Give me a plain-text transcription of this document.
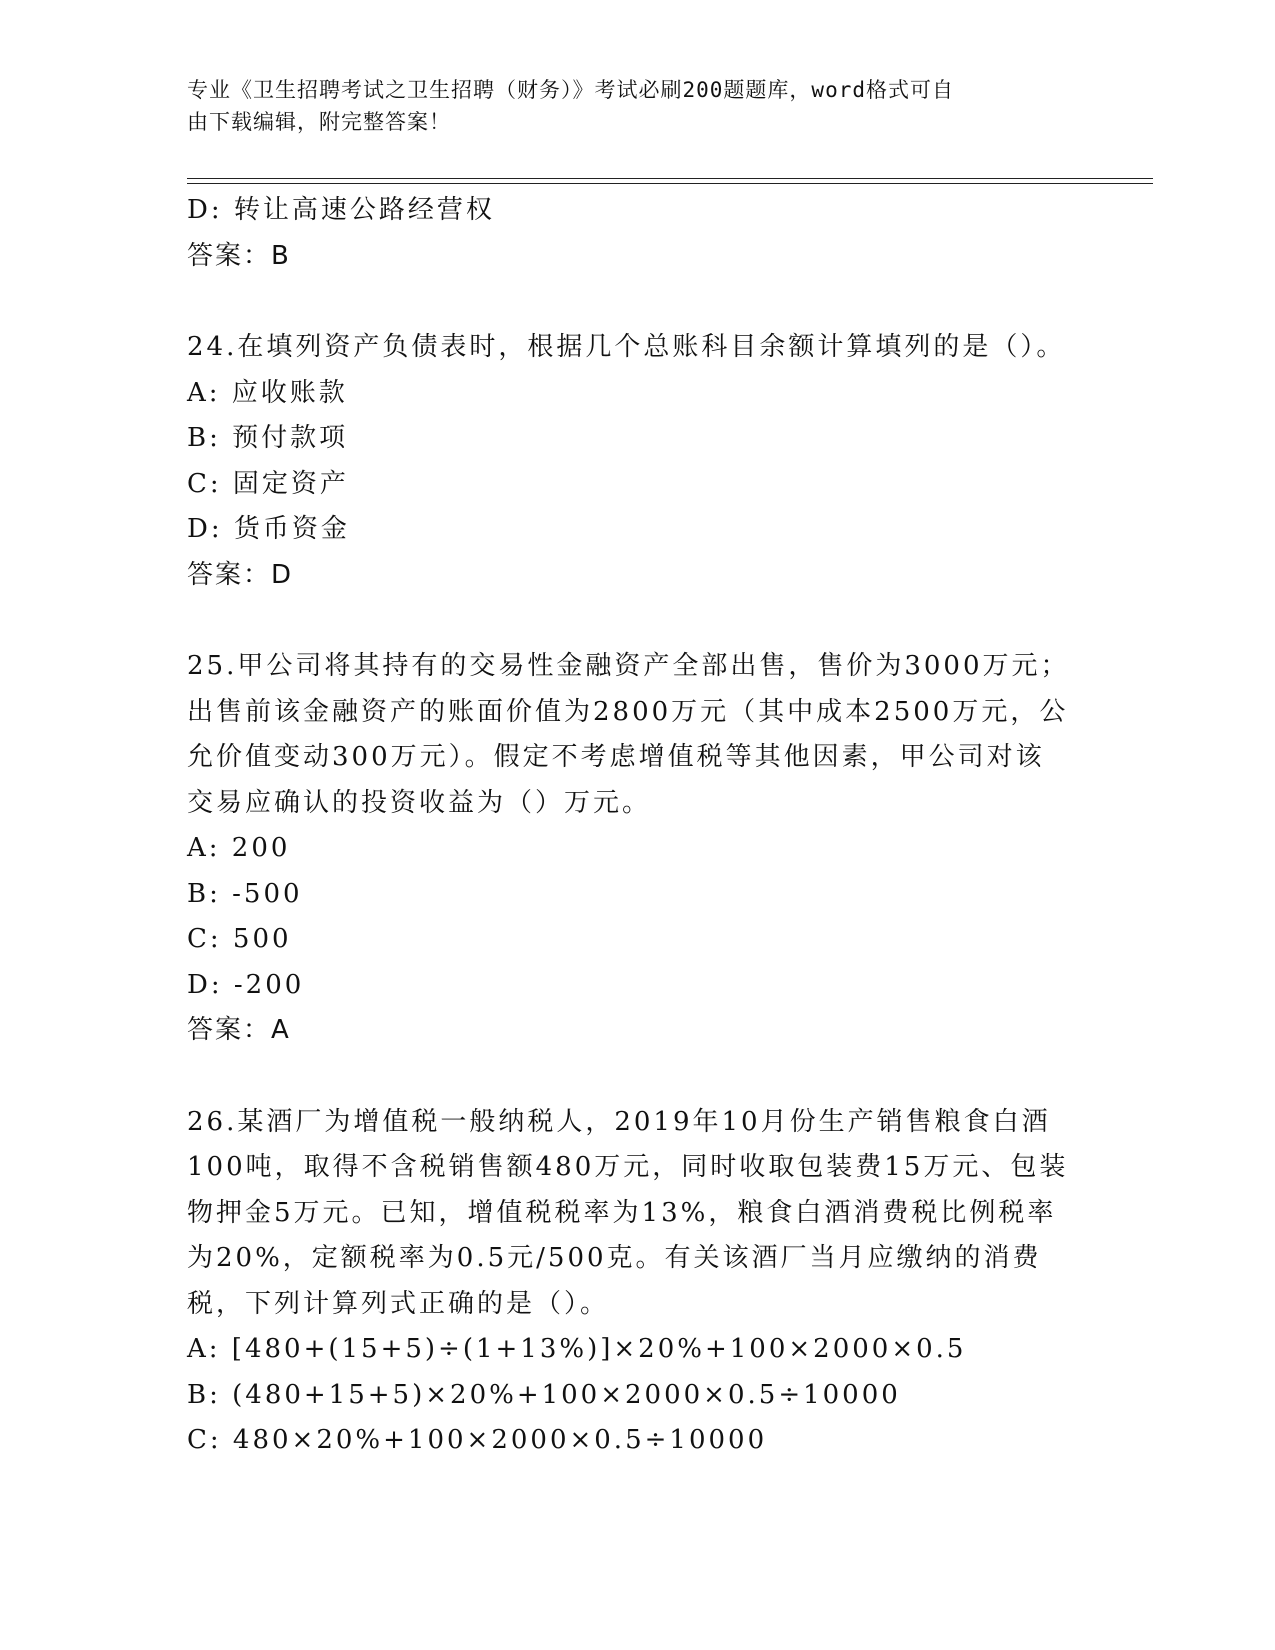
专业《卫生招聘考试之卫生招聘（财务）》考试必刷200题题库，word格式可自
由下载编辑，附完整答案！
D: 转让高速公路经营权
答案：B
24.在填列资产负债表时，根据几个总账科目余额计算填列的是（）。
A: 应收账款
B: 预付款项
C: 固定资产
D: 货币资金
答案：D
25.甲公司将其持有的交易性金融资产全部出售，售价为3000万元；
出售前该金融资产的账面价值为2800万元（其中成本2500万元，公
允价值变动300万元）。假定不考虑增值税等其他因素，甲公司对该
交易应确认的投资收益为（）万元。
A: 200
B: -500
C: 500
D: -200
答案：A
26.某酒厂为增值税一般纳税人，2019年10月份生产销售粮食白酒
100吨，取得不含税销售额480万元，同时收取包装费15万元、包装
物押金5万元。已知，增值税税率为13%，粮食白酒消费税比例税率
为20%，定额税率为0.5元/500克。有关该酒厂当月应缴纳的消费
税，下列计算列式正确的是（）。
A: [480+(15+5)÷(1+13%)]×20%+100×2000×0.5
B: (480+15+5)×20%+100×2000×0.5÷10000
C: 480×20%+100×2000×0.5÷10000
